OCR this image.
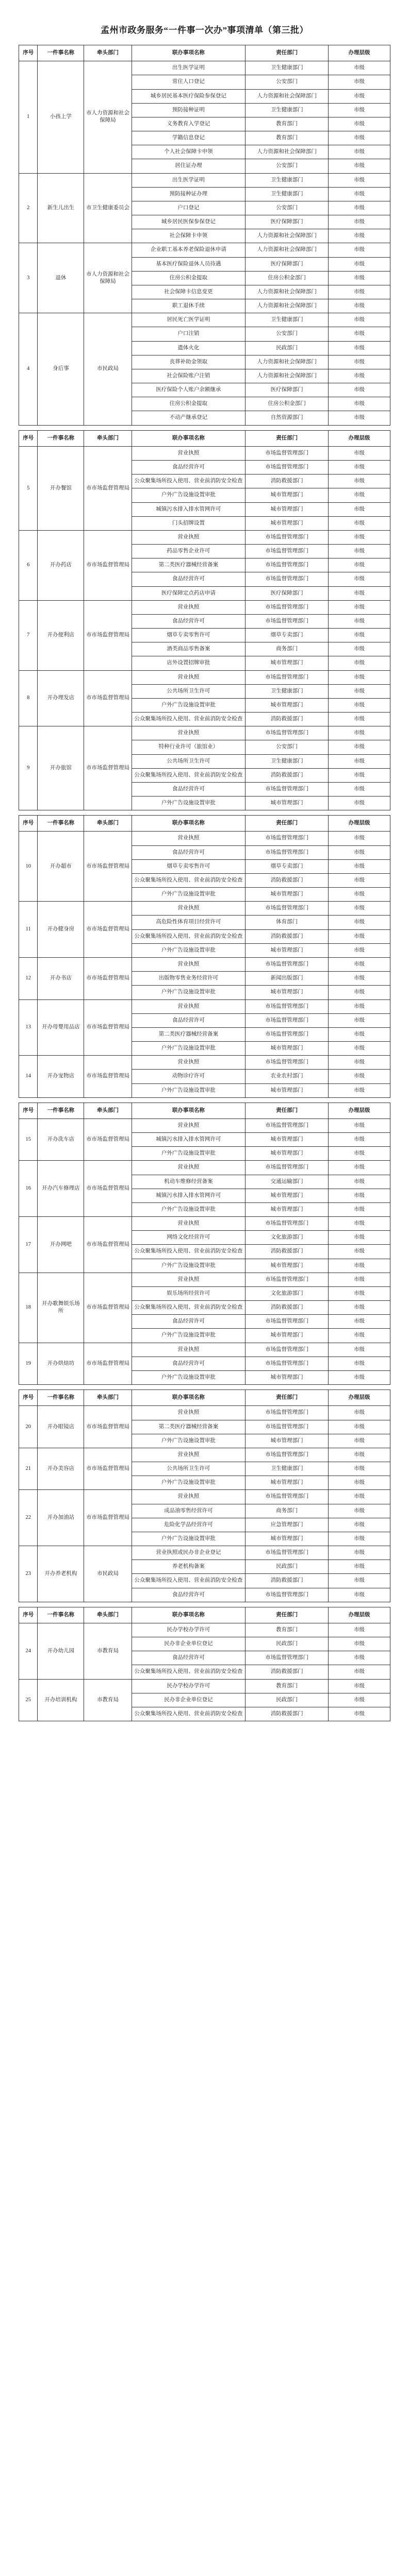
孟州市政务服务“一件事一次办”事项清单（第三批）
序号	一件事名称	牵头部门	联办事项名称	责任部门	办理层级
1	小孩上学	市人力资源和社会保障局	出生医学证明	卫生健康部门	市级
			常住人口登记	公安部门	市级
			城乡居民基本医疗保险参保登记	人力资源和社会保障部门	市级
			预防接种证明	卫生健康部门	市级
			义务教育入学登记	教育部门	市级
			学籍信息登记	教育部门	市级
			个人社会保障卡申领	人力资源和社会保障部门	市级
			居住证办理	公安部门	市级
2	新生儿出生	市卫生健康委员会	出生医学证明	卫生健康部门	市级
			预防接种证办理	卫生健康部门	市级
			户口登记	公安部门	市级
			城乡居民医保参保登记	医疗保障部门	市级
			社会保障卡申领	人力资源和社会保障部门	市级
3	退休	市人力资源和社会保障局	企业职工基本养老保险退休申请	人力资源和社会保障部门	市级
			基本医疗保险退休人员待遇	医疗保障部门	市级
			住房公积金提取	住房公积金部门	市级
			社会保障卡信息变更	人力资源和社会保障部门	市级
			职工退休手续	人力资源和社会保障部门	市级
4	身后事	市民政局	居民死亡医学证明	卫生健康部门	市级
			户口注销	公安部门	市级
			遗体火化	民政部门	市级
			丧葬补助金领取	人力资源和社会保障部门	市级
			社会保险账户注销	人力资源和社会保障部门	市级
			医疗保险个人账户余额继承	医疗保障部门	市级
			住房公积金提取	住房公积金部门	市级
			不动产继承登记	自然资源部门	市级

序号	一件事名称	牵头部门	联办事项名称	责任部门	办理层级
5	开办餐馆	市市场监督管理局	营业执照	市场监督管理部门	市级
			食品经营许可	市场监督管理部门	市级
			公众聚集场所投入使用、营业前消防安全检查	消防救援部门	市级
			户外广告设施设置审批	城市管理部门	市级
			城镇污水排入排水管网许可	城市管理部门	市级
			门头招牌设置	城市管理部门	市级
6	开办药店	市市场监督管理局	营业执照	市场监督管理部门	市级
			药品零售企业许可	市场监督管理部门	市级
			第二类医疗器械经营备案	市场监督管理部门	市级
			食品经营许可	市场监督管理部门	市级
			医疗保障定点药店申请	医疗保障部门	市级
7	开办便利店	市市场监督管理局	营业执照	市场监督管理部门	市级
			食品经营许可	市场监督管理部门	市级
			烟草专卖零售许可	烟草专卖部门	市级
			酒类商品零售备案	商务部门	市级
			店外设置招牌审批	城市管理部门	市级
8	开办理发店	市市场监督管理局	营业执照	市场监督管理部门	市级
			公共场所卫生许可	卫生健康部门	市级
			户外广告设施设置审批	城市管理部门	市级
			公众聚集场所投入使用、营业前消防安全检查	消防救援部门	市级
9	开办旅馆	市市场监督管理局	营业执照	市场监督管理部门	市级
			特种行业许可（旅馆业）	公安部门	市级
			公共场所卫生许可	卫生健康部门	市级
			公众聚集场所投入使用、营业前消防安全检查	消防救援部门	市级
			食品经营许可	市场监督管理部门	市级
			户外广告设施设置审批	城市管理部门	市级

序号	一件事名称	牵头部门	联办事项名称	责任部门	办理层级
10	开办超市	市市场监督管理局	营业执照	市场监督管理部门	市级
			食品经营许可	市场监督管理部门	市级
			烟草专卖零售许可	烟草专卖部门	市级
			公众聚集场所投入使用、营业前消防安全检查	消防救援部门	市级
			户外广告设施设置审批	城市管理部门	市级
11	开办健身房	市市场监督管理局	营业执照	市场监督管理部门	市级
			高危险性体育项目经营许可	体育部门	市级
			公众聚集场所投入使用、营业前消防安全检查	消防救援部门	市级
			户外广告设施设置审批	城市管理部门	市级
12	开办书店	市市场监督管理局	营业执照	市场监督管理部门	市级
			出版物零售业务经营许可	新闻出版部门	市级
			户外广告设施设置审批	城市管理部门	市级
13	开办母婴用品店	市市场监督管理局	营业执照	市场监督管理部门	市级
			食品经营许可	市场监督管理部门	市级
			第二类医疗器械经营备案	市场监督管理部门	市级
			户外广告设施设置审批	城市管理部门	市级
14	开办宠物店	市市场监督管理局	营业执照	市场监督管理部门	市级
			动物诊疗许可	农业农村部门	市级
			户外广告设施设置审批	城市管理部门	市级

序号	一件事名称	牵头部门	联办事项名称	责任部门	办理层级
15	开办洗车店	市市场监督管理局	营业执照	市场监督管理部门	市级
			城镇污水排入排水管网许可	城市管理部门	市级
			户外广告设施设置审批	城市管理部门	市级
16	开办汽车修理店	市市场监督管理局	营业执照	市场监督管理部门	市级
			机动车维修经营备案	交通运输部门	市级
			城镇污水排入排水管网许可	城市管理部门	市级
			户外广告设施设置审批	城市管理部门	市级
17	开办网吧	市市场监督管理局	营业执照	市场监督管理部门	市级
			网络文化经营许可	文化旅游部门	市级
			公众聚集场所投入使用、营业前消防安全检查	消防救援部门	市级
			户外广告设施设置审批	城市管理部门	市级
18	开办歌舞娱乐场所	市市场监督管理局	营业执照	市场监督管理部门	市级
			娱乐场所经营许可	文化旅游部门	市级
			公众聚集场所投入使用、营业前消防安全检查	消防救援部门	市级
			食品经营许可	市场监督管理部门	市级
			户外广告设施设置审批	城市管理部门	市级
19	开办烘焙坊	市市场监督管理局	营业执照	市场监督管理部门	市级
			食品经营许可	市场监督管理部门	市级
			户外广告设施设置审批	城市管理部门	市级

序号	一件事名称	牵头部门	联办事项名称	责任部门	办理层级
20	开办眼镜店	市市场监督管理局	营业执照	市场监督管理部门	市级
			第二类医疗器械经营备案	市场监督管理部门	市级
			户外广告设施设置审批	城市管理部门	市级
21	开办美容店	市市场监督管理局	营业执照	市场监督管理部门	市级
			公共场所卫生许可	卫生健康部门	市级
			户外广告设施设置审批	城市管理部门	市级
22	开办加油站	市市场监督管理局	营业执照	市场监督管理部门	市级
			成品油零售经营许可	商务部门	市级
			危险化学品经营许可	应急管理部门	市级
			户外广告设施设置审批	城市管理部门	市级
23	开办养老机构	市民政局	营业执照或民办非企业登记	市场监督管理部门	市级
			养老机构备案	民政部门	市级
			公众聚集场所投入使用、营业前消防安全检查	消防救援部门	市级
			食品经营许可	市场监督管理部门	市级

序号	一件事名称	牵头部门	联办事项名称	责任部门	办理层级
24	开办幼儿园	市教育局	民办学校办学许可	教育部门	市级
			民办非企业单位登记	民政部门	市级
			食品经营许可	市场监督管理部门	市级
			公众聚集场所投入使用、营业前消防安全检查	消防救援部门	市级
25	开办培训机构	市教育局	民办学校办学许可	教育部门	市级
			民办非企业单位登记	民政部门	市级
			公众聚集场所投入使用、营业前消防安全检查	消防救援部门	市级
